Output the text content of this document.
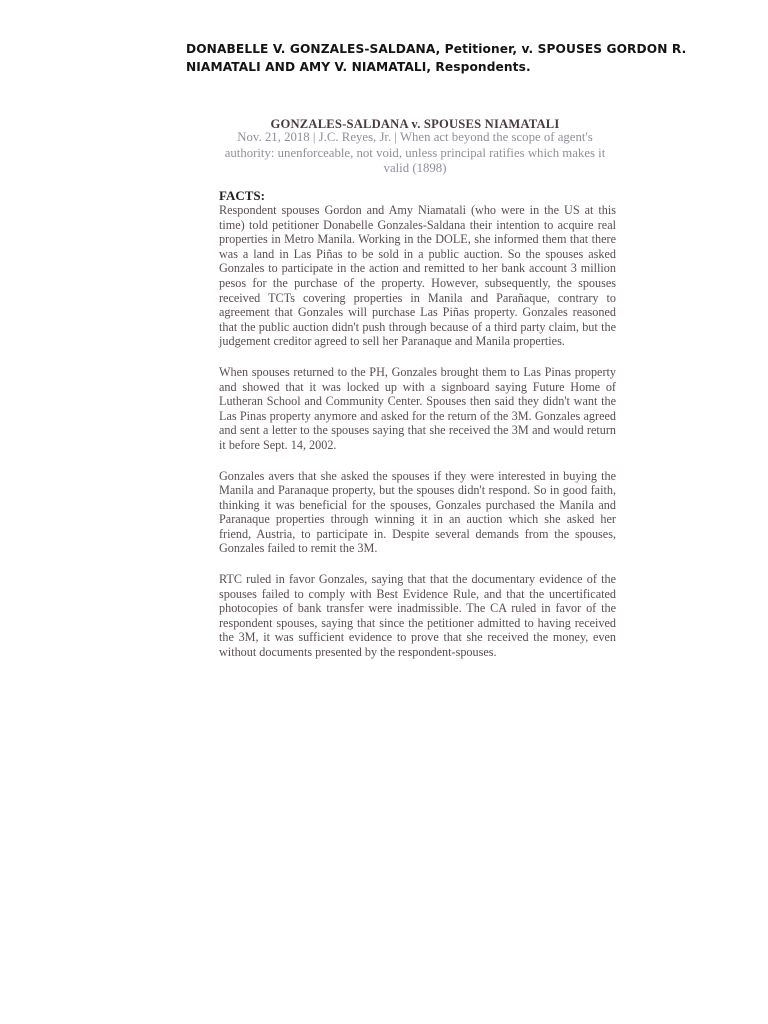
DONABELLE V. GONZALES-SALDANA, Petitioner, v. SPOUSES GORDON R. NIAMATALI AND AMY V. NIAMATALI, Respondents.
GONZALES-SALDANA v. SPOUSES NIAMATALI
Nov. 21, 2018 | J.C. Reyes, Jr. | When act beyond the scope of agent's authority: unenforceable, not void, unless principal ratifies which makes it valid (1898)
FACTS:

Respondent spouses Gordon and Amy Niamatali (who were in the US at this time) told petitioner Donabelle Gonzales-Saldana their intention to acquire real properties in Metro Manila. Working in the DOLE, she informed them that there was a land in Las Piñas to be sold in a public auction. So the spouses asked Gonzales to participate in the action and remitted to her bank account 3 million pesos for the purchase of the property. However, subsequently, the spouses received TCTs covering properties in Manila and Parañaque, contrary to agreement that Gonzales will purchase Las Piñas property. Gonzales reasoned that the public auction didn't push through because of a third party claim, but the judgement creditor agreed to sell her Paranaque and Manila properties.

When spouses returned to the PH, Gonzales brought them to Las Pinas property and showed that it was locked up with a signboard saying Future Home of Lutheran School and Community Center. Spouses then said they didn't want the Las Pinas property anymore and asked for the return of the 3M. Gonzales agreed and sent a letter to the spouses saying that she received the 3M and would return it before Sept. 14, 2002.

Gonzales avers that she asked the spouses if they were interested in buying the Manila and Paranaque property, but the spouses didn't respond. So in good faith, thinking it was beneficial for the spouses, Gonzales purchased the Manila and Paranaque properties through winning it in an auction which she asked her friend, Austria, to participate in. Despite several demands from the spouses, Gonzales failed to remit the 3M.

RTC ruled in favor Gonzales, saying that that the documentary evidence of the spouses failed to comply with Best Evidence Rule, and that the uncertificated photocopies of bank transfer were inadmissible. The CA ruled in favor of the respondent spouses, saying that since the petitioner admitted to having received the 3M, it was sufficient evidence to prove that she received the money, even without documents presented by the respondent-spouses.
